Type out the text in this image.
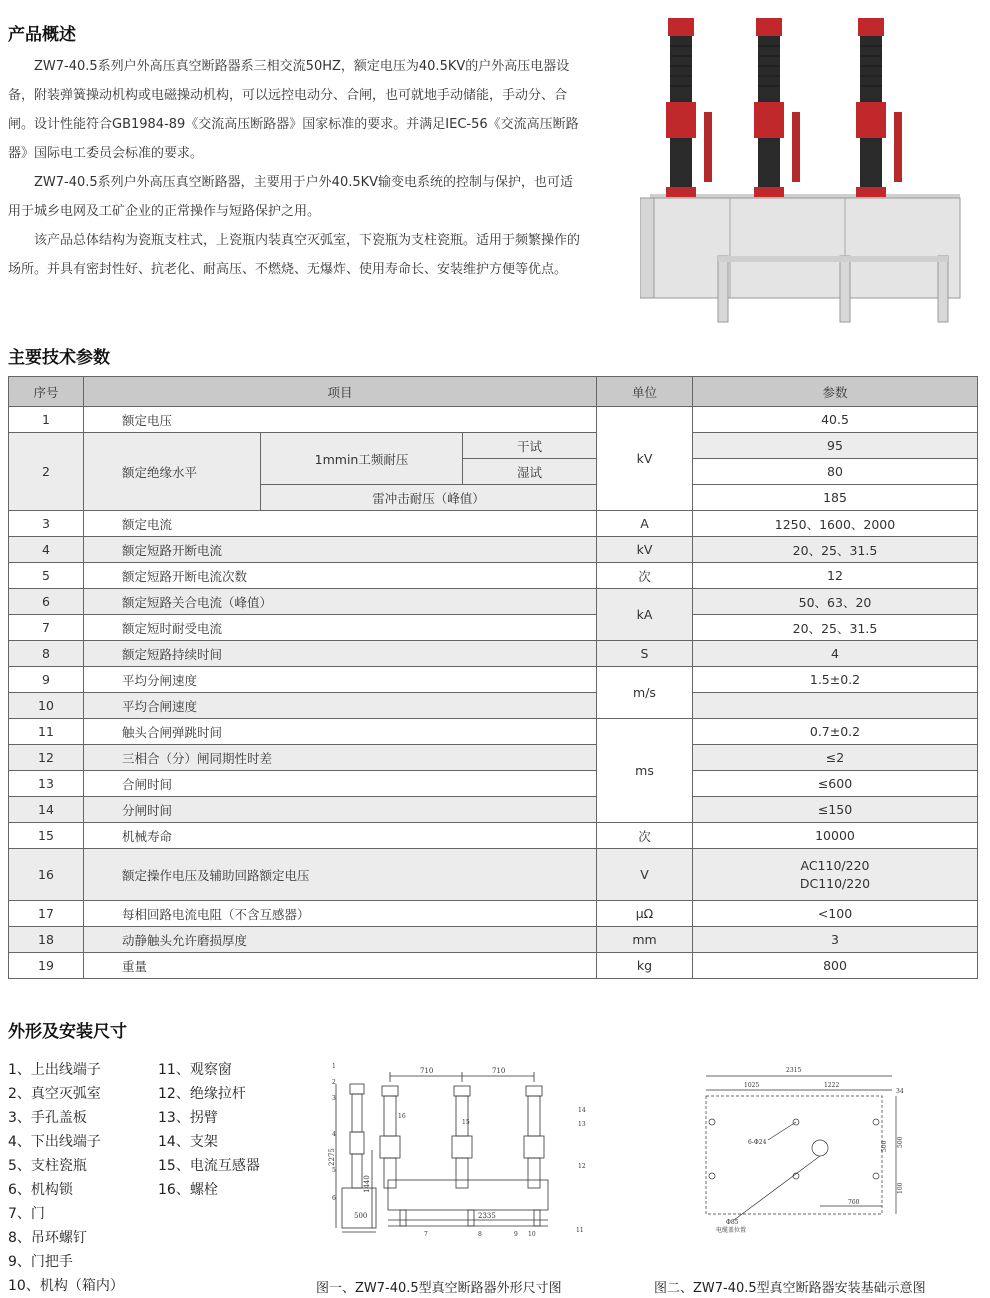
产品概述

ZW7-40.5系列户外高压真空断路器系三相交流50HZ，额定电压为40.5KV的户外高压电器设备，附装弹簧操动机构或电磁操动机构，可以远控电动分、合闸，也可就地手动储能，手动分、合闸。设计性能符合GB1984-89《交流高压断路器》国家标准的要求。并满足IEC-56《交流高压断路器》国际电工委员会标准的要求。

ZW7-40.5系列户外高压真空断路器，主要用于户外40.5KV输变电系统的控制与保护，也可适用于城乡电网及工矿企业的正常操作与短路保护之用。

该产品总体结构为瓷瓶支柱式，上瓷瓶内装真空灭弧室，下瓷瓶为支柱瓷瓶。适用于频繁操作的场所。并具有密封性好、抗老化、耐高压、不燃烧、无爆炸、使用寿命长、安装维护方便等优点。

主要技术参数
序号	项目			单位	参数
1	额定电压			kV	40.5
2	额定绝缘水平	1mmin工频耐压	干试		95
			湿试		80
		雷冲击耐压（峰值）			185
3	额定电流			A	1250、1600、2000
4	额定短路开断电流			kV	20、25、31.5
5	额定短路开断电流次数			次	12
6	额定短路关合电流（峰值）			kA	50、63、20
7	额定短时耐受电流				20、25、31.5
8	额定短路持续时间			S	4
9	平均分闸速度			m/s	1.5±0.2
10	平均合闸速度				
11	触头合闸弹跳时间			ms	0.7±0.2
12	三相合（分）闸同期性时差				≤2
13	合闸时间				≤600
14	分闸时间				≤150
15	机械寿命			次	10000
16	额定操作电压及辅助回路额定电压			V	AC110/220
DC110/220
17	每相回路电流电阻（不含互感器）			μΩ	<100
18	动静触头允许磨损厚度			mm	3
19	重量			kg	800
外形及安装尺寸
1、上出线端子
2、真空灭弧室
3、手孔盖板
4、下出线端子
5、支柱瓷瓶
6、机构锁
7、门
8、吊环螺钉
9、门把手
10、机构（箱内）
11、观察窗
12、绝缘拉杆
13、拐臂
14、支架
15、电流互感器
16、螺栓
710	710
2275
1440
500	2335
1
2
3
4
5
6
7	8	9 10
11
12
13
14
15
16
图一、ZW7-40.5型真空断路器外形尺寸图
2315
1025	1222
34
6-Φ24	500
500
100
760
Φ85
电缆盖位置
图二、ZW7-40.5型真空断路器安装基础示意图
